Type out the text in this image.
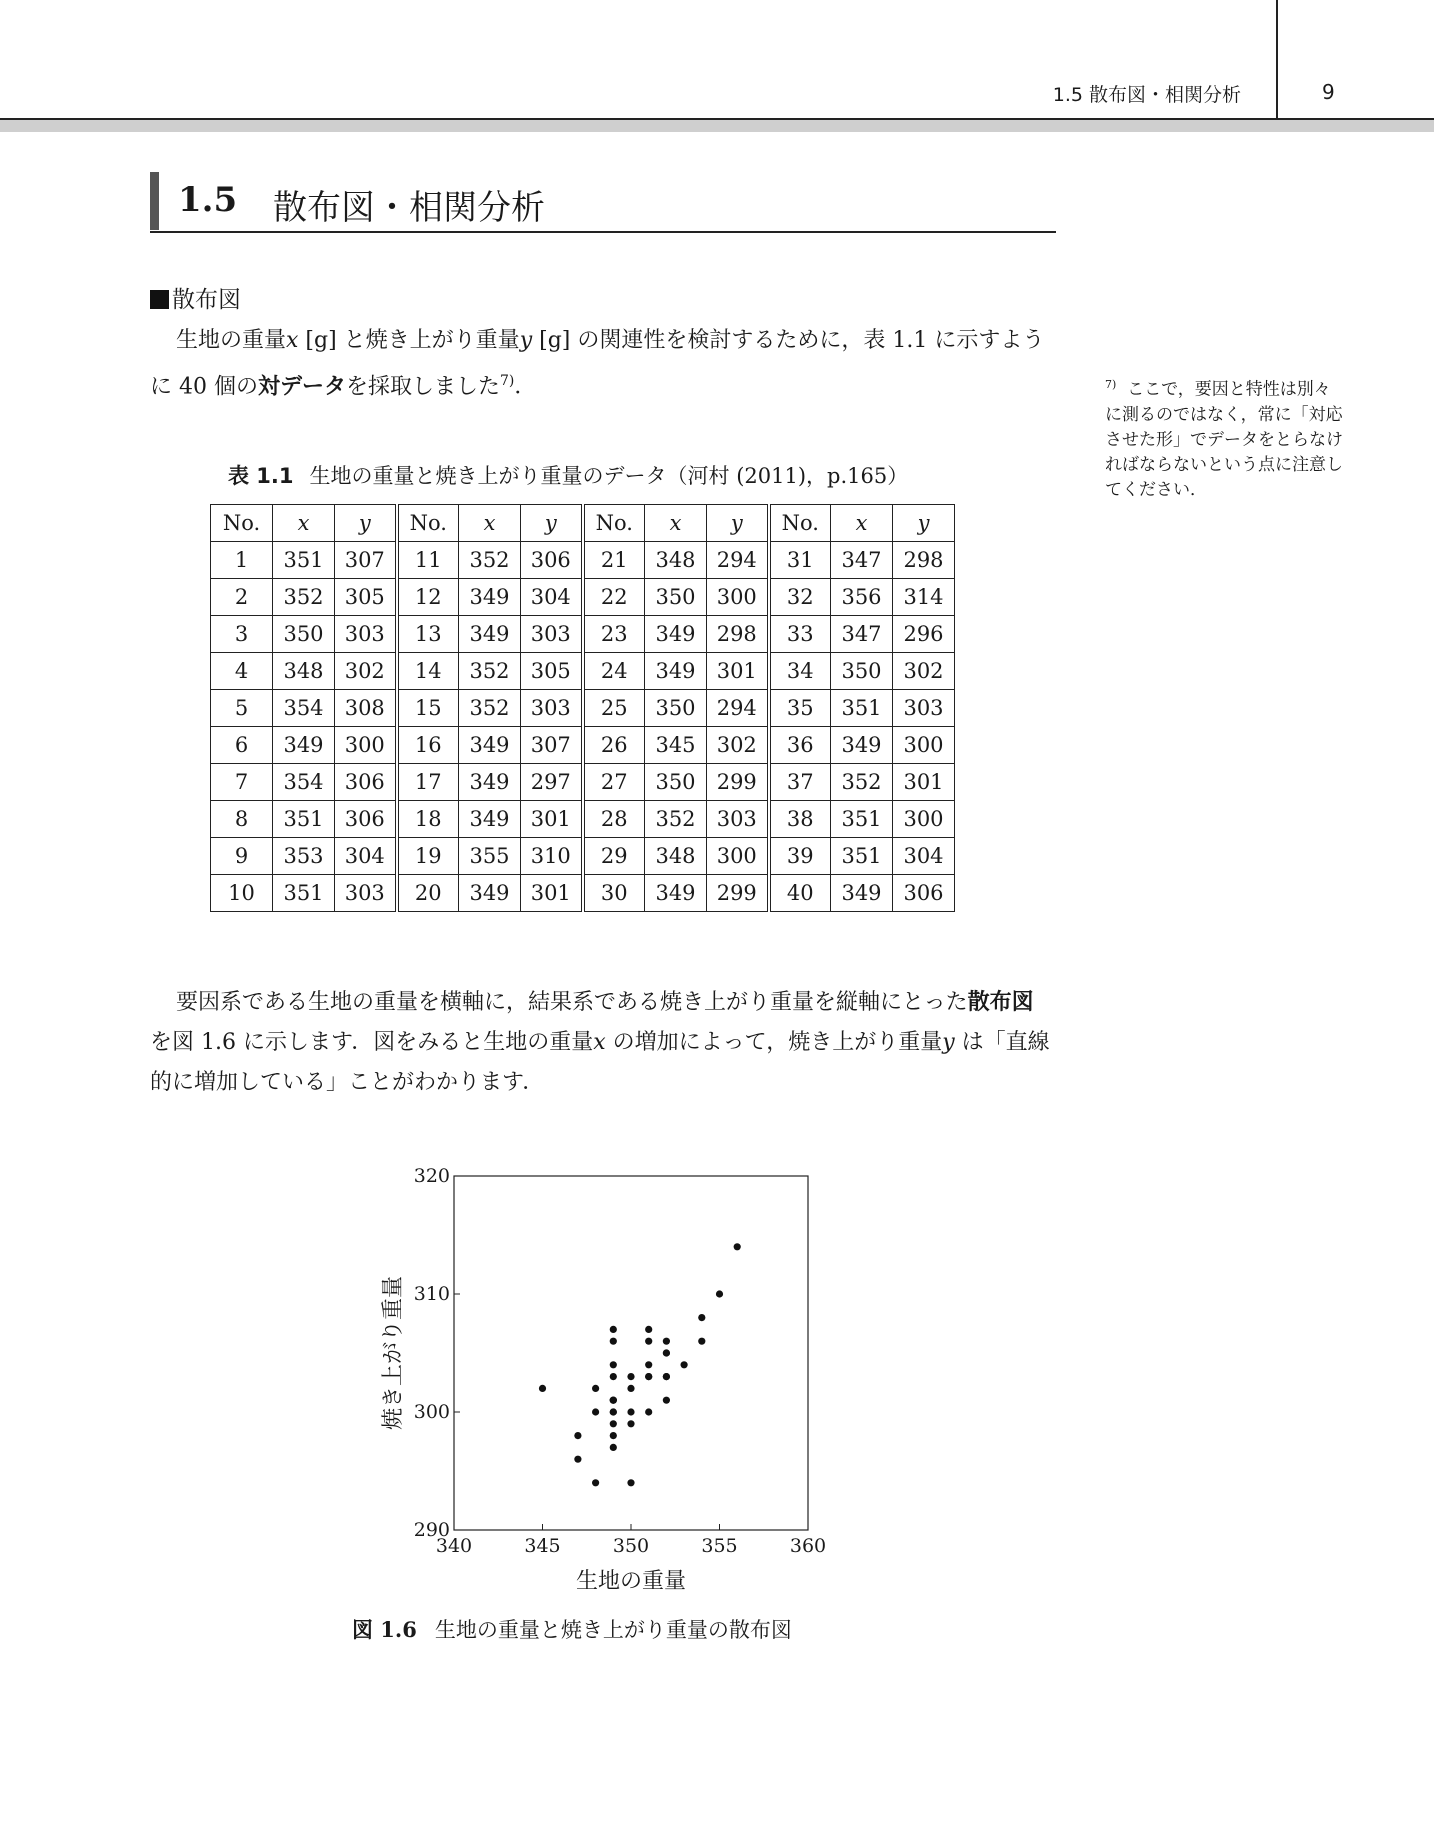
1.5 散布図・相関分析	9
1.5 散布図・相関分析
散布図

生地の重量x [g] と焼き上がり重量y [g] の関連性を検討するために，表 1.1 に示すように 40 個の対データを採取しました$^{7)}$．	$^{7)}$ ここで，要因と特性は別々に測るのではなく，常に「対応させた形」でデータをとらなければならないという点に注意してください．
表 1.1 生地の重量と焼き上がり重量のデータ（河村 (2011)，p.165）
No.	x	y	No.	x	y	No.	x	y	No.	x	y
1	351	307	11	352	306	21	348	294	31	347	298
2	352	305	12	349	304	22	350	300	32	356	314
3	350	303	13	349	303	23	349	298	33	347	296
4	348	302	14	352	305	24	349	301	34	350	302
5	354	308	15	352	303	25	350	294	35	351	303
6	349	300	16	349	307	26	345	302	36	349	300
7	354	306	17	349	297	27	350	299	37	352	301
8	351	306	18	349	301	28	352	303	38	351	300
9	353	304	19	355	310	29	348	300	39	351	304
10	351	303	20	349	301	30	349	299	40	349	306

要因系である生地の重量を横軸に，結果系である焼き上がり重量を縦軸にとった散布図を図 1.6 に示します．図をみると生地の重量x の増加によって，焼き上がり重量y は「直線的に増加している」ことがわかります．

340	345	350	355	360
290
300
310
320
生地の重量
焼き上がり重量
図 1.6 生地の重量と焼き上がり重量の散布図
